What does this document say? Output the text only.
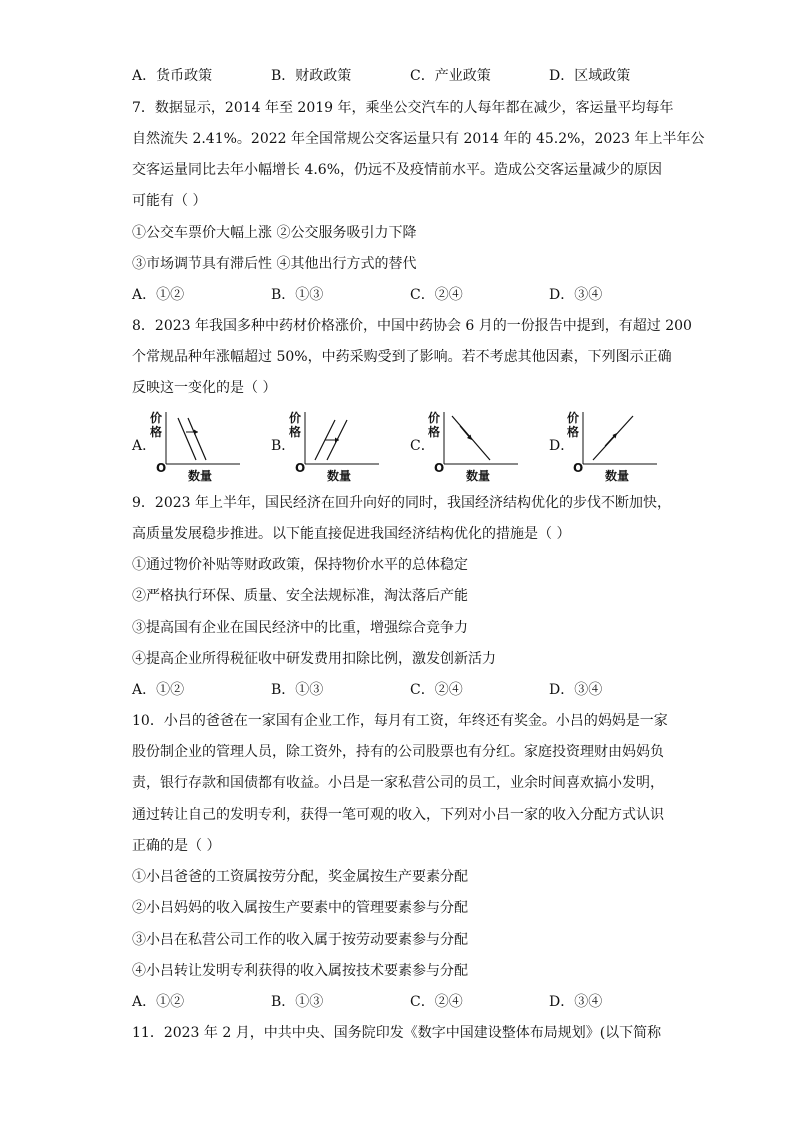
A．货币政策	B．财政政策	C．产业政策	D．区域政策
7．数据显示，2014 年至 2019 年，乘坐公交汽车的人每年都在减少，客运量平均每年
自然流失 2.41%。2022 年全国常规公交客运量只有 2014 年的 45.2%，2023 年上半年公
交客运量同比去年小幅增长 4.6%，仍远不及疫情前水平。造成公交客运量减少的原因
可能有（ ）
①公交车票价大幅上涨 ②公交服务吸引力下降
③市场调节具有滞后性 ④其他出行方式的替代
A．①②	B．①③	C．②④	D．③④
8．2023 年我国多种中药材价格涨价，中国中药协会 6 月的一份报告中提到，有超过 200
个常规品种年涨幅超过 50%，中药采购受到了影响。若不考虑其他因素，下列图示正确
反映这一变化的是（ ）
A．
价
格
O
数量
B．
价
格
O
数量
C．
价
格
O
数量
D．
价
格
O
数量
9．2023 年上半年，国民经济在回升向好的同时，我国经济结构优化的步伐不断加快，
高质量发展稳步推进。以下能直接促进我国经济结构优化的措施是（ ）
①通过物价补贴等财政政策，保持物价水平的总体稳定
②严格执行环保、质量、安全法规标准，淘汰落后产能
③提高国有企业在国民经济中的比重，增强综合竞争力
④提高企业所得税征收中研发费用扣除比例，激发创新活力
A．①②	B．①③	C．②④	D．③④
10．小吕的爸爸在一家国有企业工作，每月有工资，年终还有奖金。小吕的妈妈是一家
股份制企业的管理人员，除工资外，持有的公司股票也有分红。家庭投资理财由妈妈负
责，银行存款和国债都有收益。小吕是一家私营公司的员工，业余时间喜欢搞小发明，
通过转让自己的发明专利，获得一笔可观的收入，下列对小吕一家的收入分配方式认识
正确的是（ ）
①小吕爸爸的工资属按劳分配，奖金属按生产要素分配
②小吕妈妈的收入属按生产要素中的管理要素参与分配
③小吕在私营公司工作的收入属于按劳动要素参与分配
④小吕转让发明专利获得的收入属按技术要素参与分配
A．①②	B．①③	C．②④	D．③④
11．2023 年 2 月，中共中央、国务院印发《数字中国建设整体布局规划》(以下简称
